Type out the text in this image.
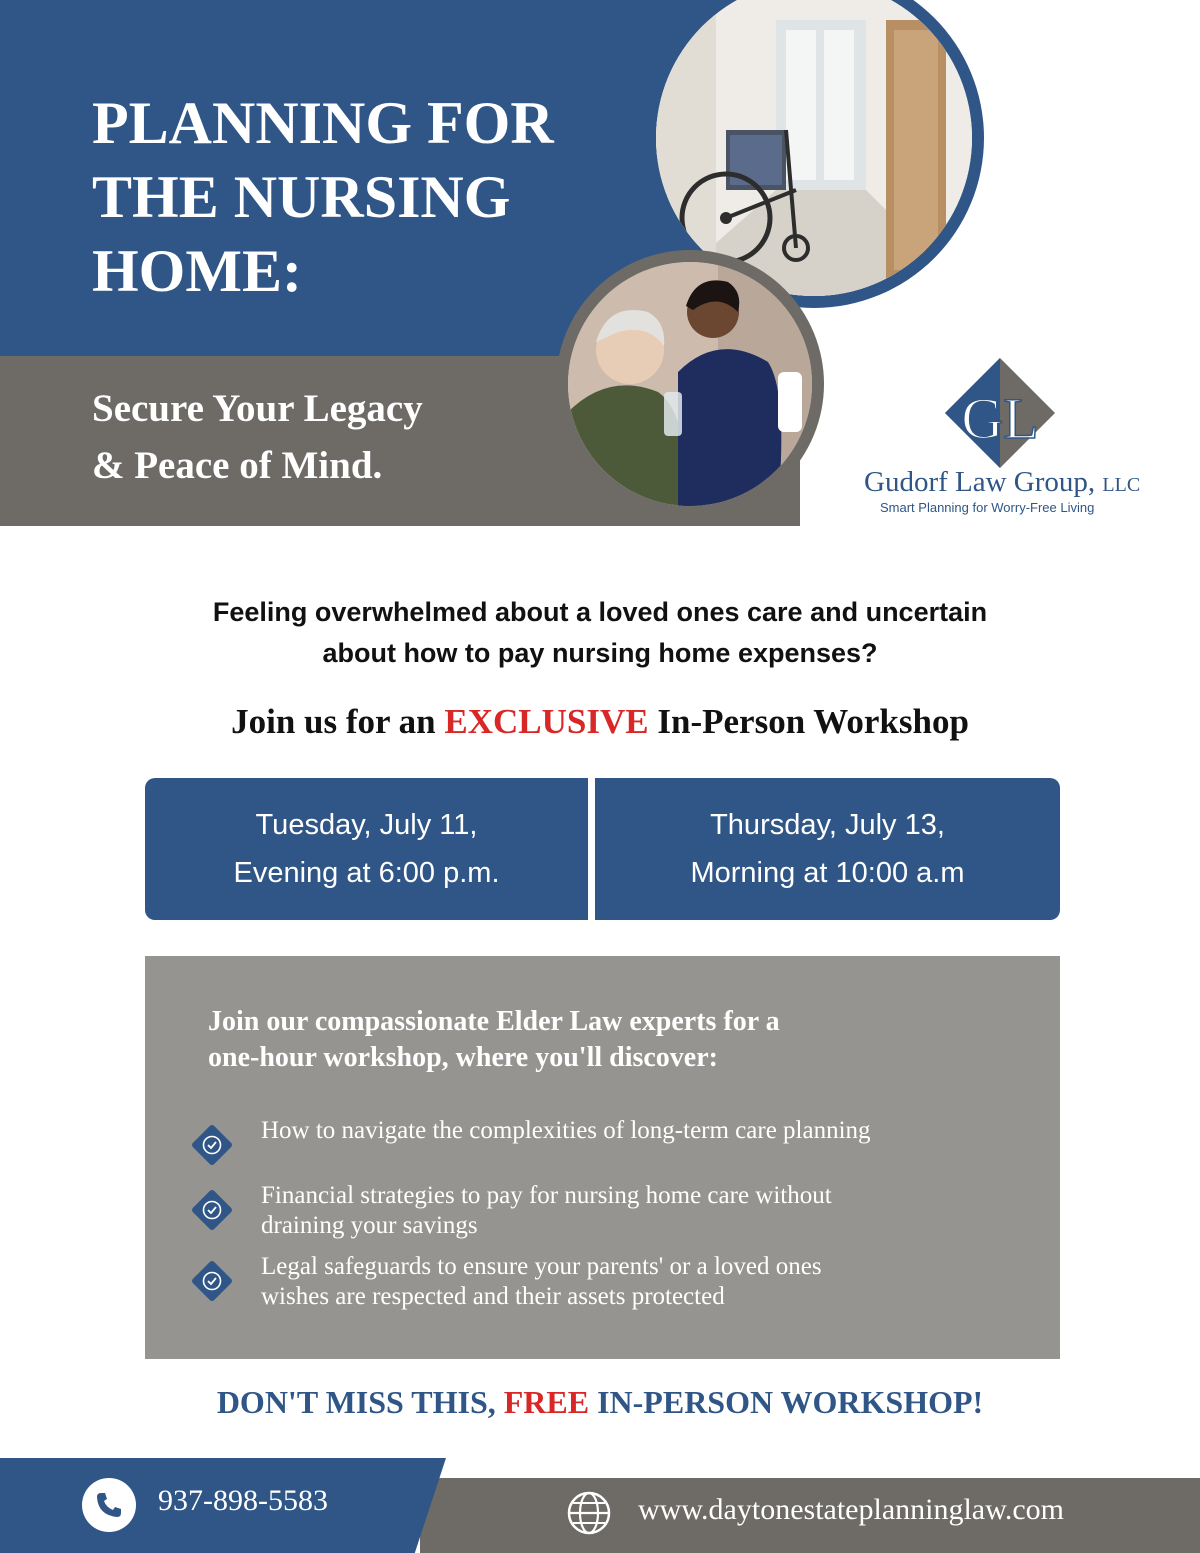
PLANNING FOR
THE NURSING
HOME:
Secure Your Legacy
& Peace of Mind.
GL
Gudorf Law Group, LLC
Smart Planning for Worry-Free Living
Feeling overwhelmed about a loved ones care and uncertain
about how to pay nursing home expenses?
Join us for an EXCLUSIVE In-Person Workshop
Tuesday, July 11,
Evening at 6:00 p.m.
Thursday, July 13,
Morning at 10:00 a.m
Join our compassionate Elder Law experts for a
one-hour workshop, where you'll discover:
How to navigate the complexities of long-term care planning
Financial strategies to pay for nursing home care without
draining your savings
Legal safeguards to ensure your parents' or a loved ones
wishes are respected and their assets protected
DON'T MISS THIS, FREE IN-PERSON WORKSHOP!
937-898-5583	www.daytonestateplanninglaw.com
